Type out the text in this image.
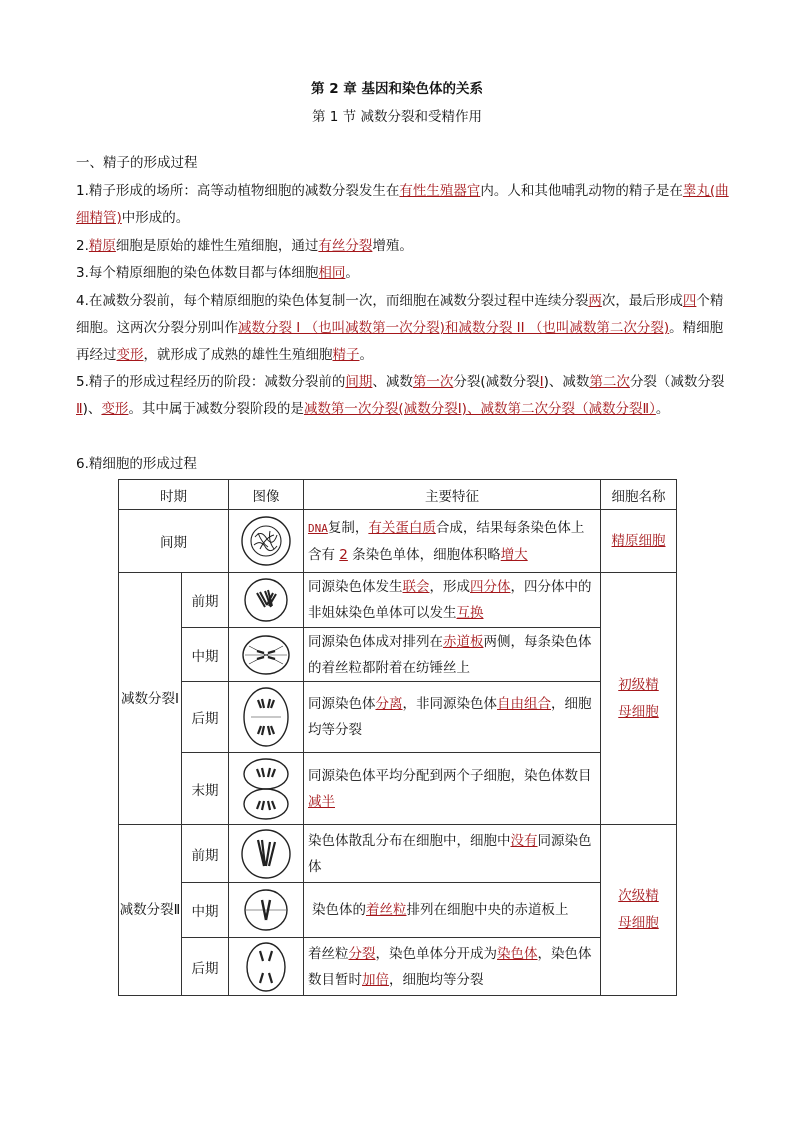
第 2 章 基因和染色体的关系
第 1 节 减数分裂和受精作用
一、精子的形成过程
1.精子形成的场所：高等动植物细胞的减数分裂发生在有性生殖器官内。人和其他哺乳动物的精子是在睾丸(曲细精管)中形成的。
2.精原细胞是原始的雄性生殖细胞，通过有丝分裂增殖。
3.每个精原细胞的染色体数目都与体细胞相同。
4.在减数分裂前，每个精原细胞的染色体复制一次，而细胞在减数分裂过程中连续分裂两次，最后形成四个精细胞。这两次分裂分别叫作减数分裂 I （也叫减数第一次分裂)和减数分裂 II （也叫减数第二次分裂)。精细胞再经过变形，就形成了成熟的雄性生殖细胞精子。
5.精子的形成过程经历的阶段：减数分裂前的间期、减数第一次分裂(减数分裂Ⅰ)、减数第二次分裂（减数分裂Ⅱ)、变形。其中属于减数分裂阶段的是减数第一次分裂(减数分裂Ⅰ)、减数第二次分裂（减数分裂Ⅱ）。
6.精细胞的形成过程
时期		图像	主要特征	细胞名称
间期			DNA复制，有关蛋白质合成，结果每条染色体上含有 2 条染色单体，细胞体积略增大	精原细胞
减数分裂Ⅰ	前期		同源染色体发生联会，形成四分体，四分体中的非姐妹染色单体可以发生互换	初级精母细胞

	中期		同源染色体成对排列在赤道板两侧，每条染色体的着丝粒都附着在纺锤丝上	
	后期		同源染色体分离，非同源染色体自由组合，细胞均等分裂	
	末期		同源染色体平均分配到两个子细胞，染色体数目减半	
减数分裂Ⅱ	前期		染色体散乱分布在细胞中，细胞中没有同源染色体	次级精母细胞

	中期		染色体的着丝粒排列在细胞中央的赤道板上	
	后期		着丝粒分裂，染色单体分开成为染色体，染色体数目暂时加倍，细胞均等分裂	
